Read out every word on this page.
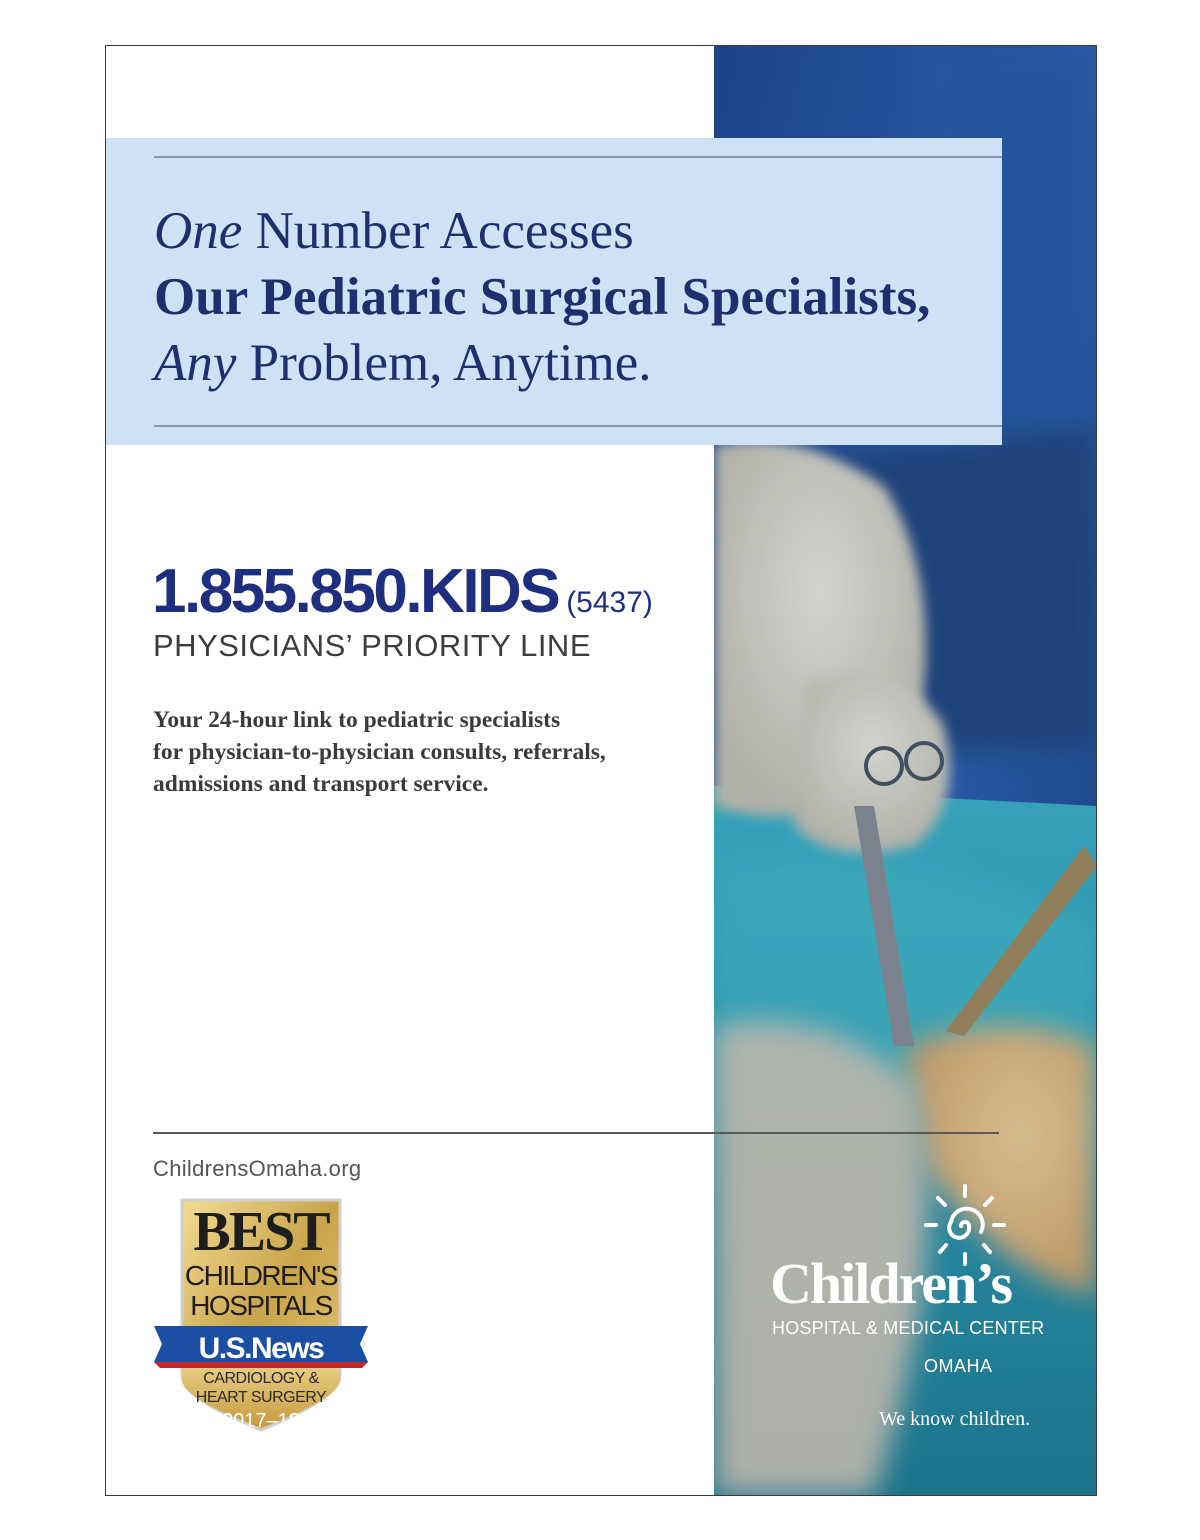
One Number Accesses
Our Pediatric Surgical Specialists,
Any Problem, Anytime.
1.855.850.KIDS (5437)
PHYSICIANS’ PRIORITY LINE
Your 24-hour link to pediatric specialists
for physician-to-physician consults, referrals,
admissions and transport service.
ChildrensOmaha.org
BEST
CHILDREN'S
HOSPITALS
U.S.News
CARDIOLOGY &
HEART SURGERY
2017–18
Children’s
HOSPITAL & MEDICAL CENTER
OMAHA
We know children.
